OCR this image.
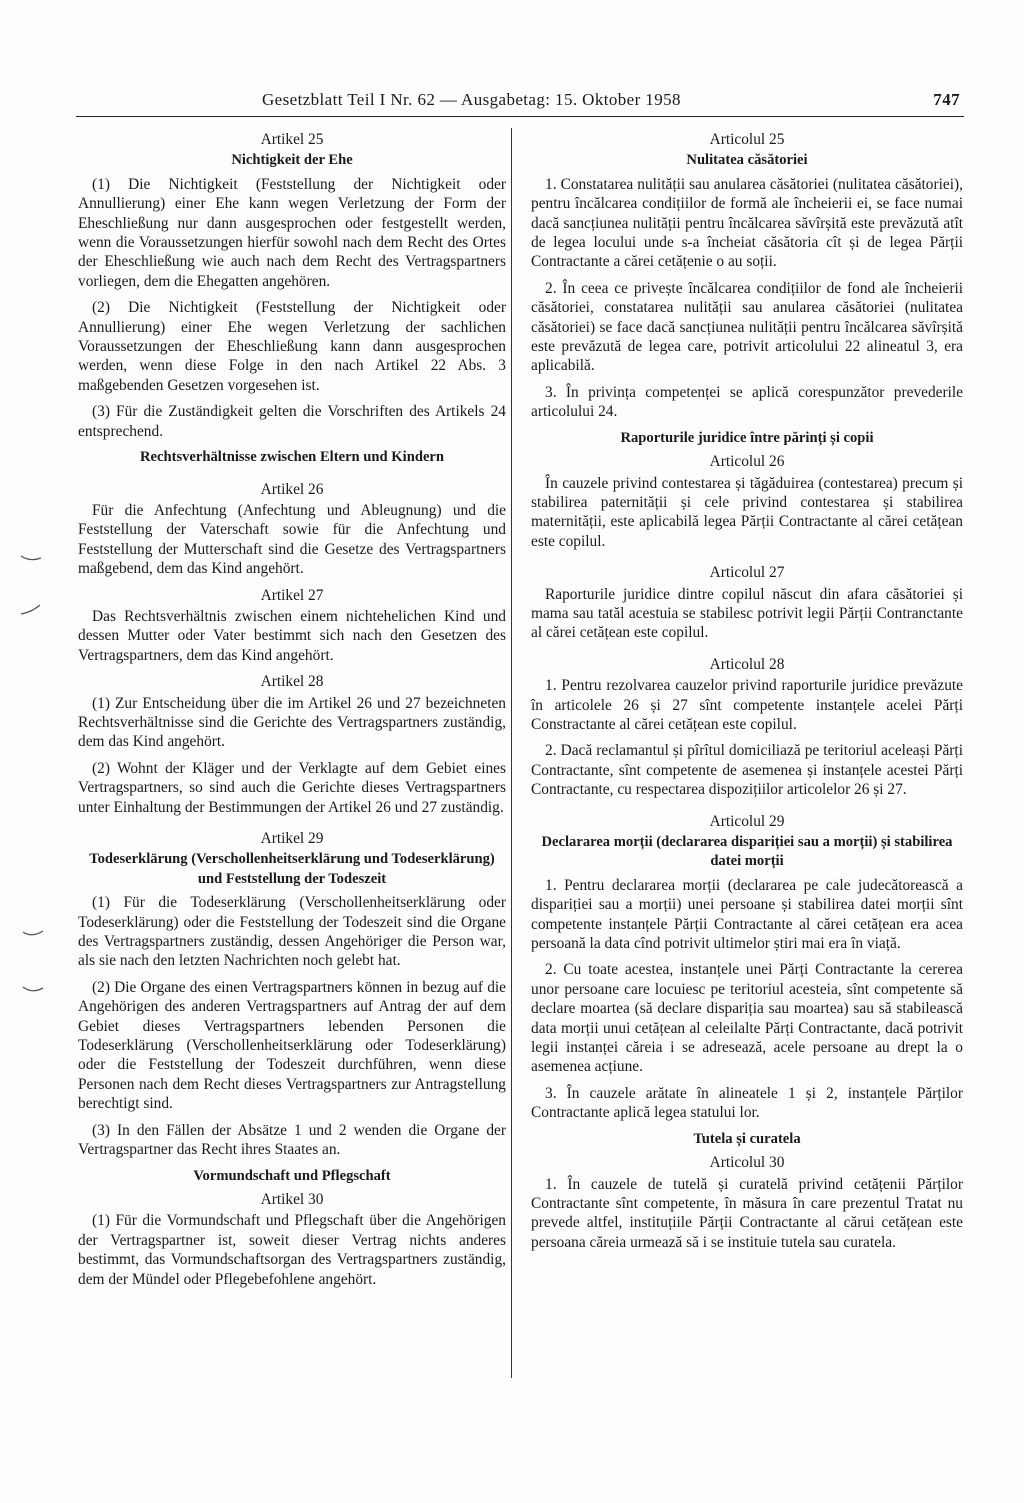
Gesetzblatt Teil I Nr. 62 — Ausgabetag: 15. Oktober 1958	747
Artikel 25
Nichtigkeit der Ehe

(1) Die Nichtigkeit (Feststellung der Nichtigkeit oder Annullierung) einer Ehe kann wegen Verletzung der Form der Eheschließung nur dann ausgesprochen oder festgestellt werden, wenn die Voraussetzungen hierfür sowohl nach dem Recht des Ortes der Eheschließung wie auch nach dem Recht des Vertragspartners vorliegen, dem die Ehegatten angehören.

(2) Die Nichtigkeit (Feststellung der Nichtigkeit oder Annullierung) einer Ehe wegen Verletzung der sachlichen Voraussetzungen der Eheschließung kann dann ausgesprochen werden, wenn diese Folge in den nach Artikel 22 Abs. 3 maßgebenden Gesetzen vorgesehen ist.

(3) Für die Zuständigkeit gelten die Vorschriften des Artikels 24 entsprechend.

Rechtsverhältnisse zwischen Eltern und Kindern
Artikel 26

Für die Anfechtung (Anfechtung und Ableugnung) und die Feststellung der Vaterschaft sowie für die Anfechtung und Feststellung der Mutterschaft sind die Gesetze des Vertragspartners maßgebend, dem das Kind angehört.

Artikel 27

Das Rechtsverhältnis zwischen einem nichtehelichen Kind und dessen Mutter oder Vater bestimmt sich nach den Gesetzen des Vertragspartners, dem das Kind angehört.

Artikel 28

(1) Zur Entscheidung über die im Artikel 26 und 27 bezeichneten Rechtsverhältnisse sind die Gerichte des Vertragspartners zuständig, dem das Kind angehört.

(2) Wohnt der Kläger und der Verklagte auf dem Gebiet eines Vertragspartners, so sind auch die Gerichte dieses Vertragspartners unter Einhaltung der Bestimmungen der Artikel 26 und 27 zuständig.

Artikel 29
Todeserklärung (Verschollenheitserklärung und Todeserklärung) und Feststellung der Todeszeit

(1) Für die Todeserklärung (Verschollenheitserklärung oder Todeserklärung) oder die Feststellung der Todeszeit sind die Organe des Vertragspartners zuständig, dessen Angehöriger die Person war, als sie nach den letzten Nachrichten noch gelebt hat.

(2) Die Organe des einen Vertragspartners können in bezug auf die Angehörigen des anderen Vertragspartners auf Antrag der auf dem Gebiet dieses Vertragspartners lebenden Personen die Todeserklärung (Verschollenheitserklärung oder Todeserklärung) oder die Feststellung der Todeszeit durchführen, wenn diese Personen nach dem Recht dieses Vertragspartners zur Antragstellung berechtigt sind.

(3) In den Fällen der Absätze 1 und 2 wenden die Organe der Vertragspartner das Recht ihres Staates an.

Vormundschaft und Pflegschaft
Artikel 30

(1) Für die Vormundschaft und Pflegschaft über die Angehörigen der Vertragspartner ist, soweit dieser Vertrag nichts anderes bestimmt, das Vormundschaftsorgan des Vertragspartners zuständig, dem der Mündel oder Pflegebefohlene angehört.

Articolul 25
Nulitatea căsătoriei

1. Constatarea nulității sau anularea căsătoriei (nulitatea căsătoriei), pentru încălcarea condițiilor de formă ale încheierii ei, se face numai dacă sancțiunea nulității pentru încălcarea săvîrșită este prevăzută atît de legea locului unde s-a încheiat căsătoria cît și de legea Părții Contractante a cărei cetățenie o au soții.

2. În ceea ce privește încălcarea condițiilor de fond ale încheierii căsătoriei, constatarea nulității sau anularea căsătoriei (nulitatea căsătoriei) se face dacă sancțiunea nulității pentru încălcarea săvîrșită este prevăzută de legea care, potrivit articolului 22 alineatul 3, era aplicabilă.

3. În privința competenței se aplică corespunzător prevederile articolului 24.

Raporturile juridice între părinți și copii
Articolul 26

În cauzele privind contestarea și tăgăduirea (contestarea) precum și stabilirea paternității și cele privind contestarea și stabilirea maternității, este aplicabilă legea Părții Contractante al cărei cetățean este copilul.

Articolul 27

Raporturile juridice dintre copilul născut din afara căsătoriei și mama sau tatăl acestuia se stabilesc potrivit legii Părții Contranctante al cărei cetățean este copilul.

Articolul 28

1. Pentru rezolvarea cauzelor privind raporturile juridice prevăzute în articolele 26 și 27 sînt competente instanțele acelei Părți Constractante al cărei cetățean este copilul.

2. Dacă reclamantul și pîrîtul domiciliază pe teritoriul aceleași Părți Contractante, sînt competente de asemenea și instanțele acestei Părți Contractante, cu respectarea dispozițiilor articolelor 26 și 27.

Articolul 29
Declararea morții (declararea dispariției sau a morții) și stabilirea datei morții

1. Pentru declararea morții (declararea pe cale judecătorească a dispariției sau a morții) unei persoane și stabilirea datei morții sînt competente instanțele Părții Contractante al cărei cetățean era acea persoană la data cînd potrivit ultimelor știri mai era în viață.

2. Cu toate acestea, instanțele unei Părți Contractante la cererea unor persoane care locuiesc pe teritoriul acesteia, sînt competente să declare moartea (să declare dispariția sau moartea) sau să stabilească data morții unui cetățean al celeilalte Părți Contractante, dacă potrivit legii instanței căreia i se adresează, acele persoane au drept la o asemenea acțiune.

3. În cauzele arătate în alineatele 1 și 2, instanțele Părților Contractante aplică legea statului lor.

Tutela și curatela
Articolul 30

1. În cauzele de tutelă și curatelă privind cetățenii Părților Contractante sînt competente, în măsura în care prezentul Tratat nu prevede altfel, instituțiile Părții Contractante al cărui cetățean este persoana căreia urmează să i se instituie tutela sau curatela.
